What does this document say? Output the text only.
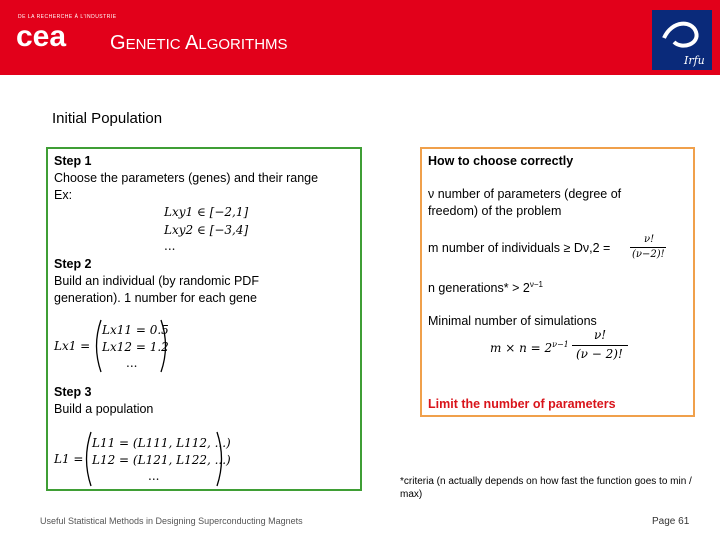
DE LA RECHERCHE À L'INDUSTRIE
cea GENETIC ALGORITHMS
Irfu
Initial Population
Step 1
Choose the parameters (genes) and their range
Ex:
Lxy1 ∈ [−2,1]
Lxy2 ∈ [−3,4]
...
Step 2
Build an individual (by randomic PDF
generation). 1 number for each gene
Lx1 =
Lx11 = 0.5
Lx12 = 1.2
...
Step 3
Build a population
L1 =
L11 = (L111, L112, ...)
L12 = (L121, L122, ...)
...
How to choose correctly
ν number of parameters (degree of
freedom) of the problem
m number of individuals ≥ Dν,2 =
ν!
(ν−2)!
n generations* > $2^{\nu-1}$
Minimal number of simulations
$m \times n = 2^{\nu-1}$
ν!
(ν − 2)!
Limit the number of parameters
*criteria (n actually depends on how fast the function goes to min / max)
Useful Statistical Methods in Designing Superconducting Magnets	Page 61
